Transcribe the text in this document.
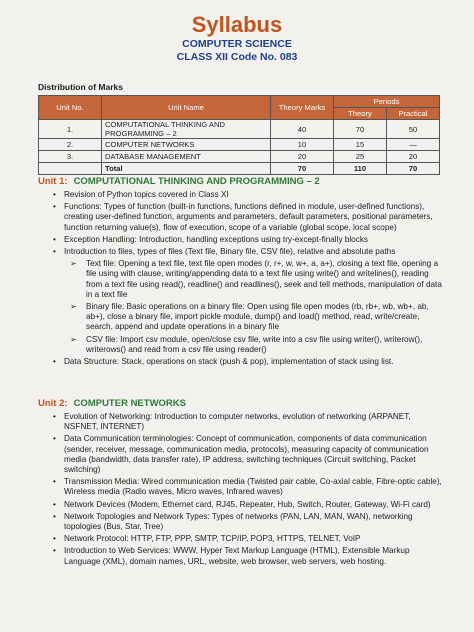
Syllabus
COMPUTER SCIENCE
CLASS XII Code No. 083
Distribution of Marks
Unit No.	Unit Name	Theory Marks	Periods	
			Theory	Practical
1.	COMPUTATIONAL THINKING AND PROGRAMMING – 2	40	70	50
2.	COMPUTER NETWORKS	10	15	—
3.	DATABASE MANAGEMENT	20	25	20
	Total	70	110	70
Unit 1: COMPUTATIONAL THINKING AND PROGRAMMING – 2
• Revision of Python topics covered in Class XI
• Functions: Types of function (built-in functions, functions defined in module, user-defined functions), creating user-defined function, arguments and parameters, default parameters, positional parameters, function returning value(s), flow of execution, scope of a variable (global scope, local scope)
• Exception Handling: Introduction, handling exceptions using try-except-finally blocks
• Introduction to files, types of files (Text file, Binary file, CSV file), relative and absolute paths
➢ Text file: Opening a text file, text file open modes (r, r+, w, w+, a, a+), closing a text file, opening a file using with clause, writing/appending data to a text file using write() and writelines(), reading from a text file using read(), readline() and readlines(), seek and tell methods, manipulation of data in a text file
➢ Binary file: Basic operations on a binary file: Open using file open modes (rb, rb+, wb, wb+, ab, ab+), close a binary file, import pickle module, dump() and load() method, read, write/create, search, append and update operations in a binary file
➢ CSV file: Import csv module, open/close csv file, write into a csv file using writer(), writerow(), writerows() and read from a csv file using reader()
• Data Structure: Stack, operations on stack (push & pop), implementation of stack using list.
Unit 2: COMPUTER NETWORKS
• Evolution of Networking: Introduction to computer networks, evolution of networking (ARPANET, NSFNET, INTERNET)
• Data Communication terminologies: Concept of communication, components of data communication (sender, receiver, message, communication media, protocols), measuring capacity of communication media (bandwidth, data transfer rate), IP address, switching techniques (Circuit switching, Packet switching)
• Transmission Media: Wired communication media (Twisted pair cable, Co-axial cable, Fibre-optic cable), Wireless media (Radio waves, Micro waves, Infrared waves)
• Network Devices (Modem, Ethernet card, RJ45, Repeater, Hub, Switch, Router, Gateway, Wi-Fi card)
• Network Topologies and Network Types: Types of networks (PAN, LAN, MAN, WAN), networking topologies (Bus, Star, Tree)
• Network Protocol: HTTP, FTP, PPP, SMTP, TCP/IP, POP3, HTTPS, TELNET, VoIP
• Introduction to Web Services: WWW, Hyper Text Markup Language (HTML), Extensible Markup Language (XML), domain names, URL, website, web browser, web servers, web hosting.
